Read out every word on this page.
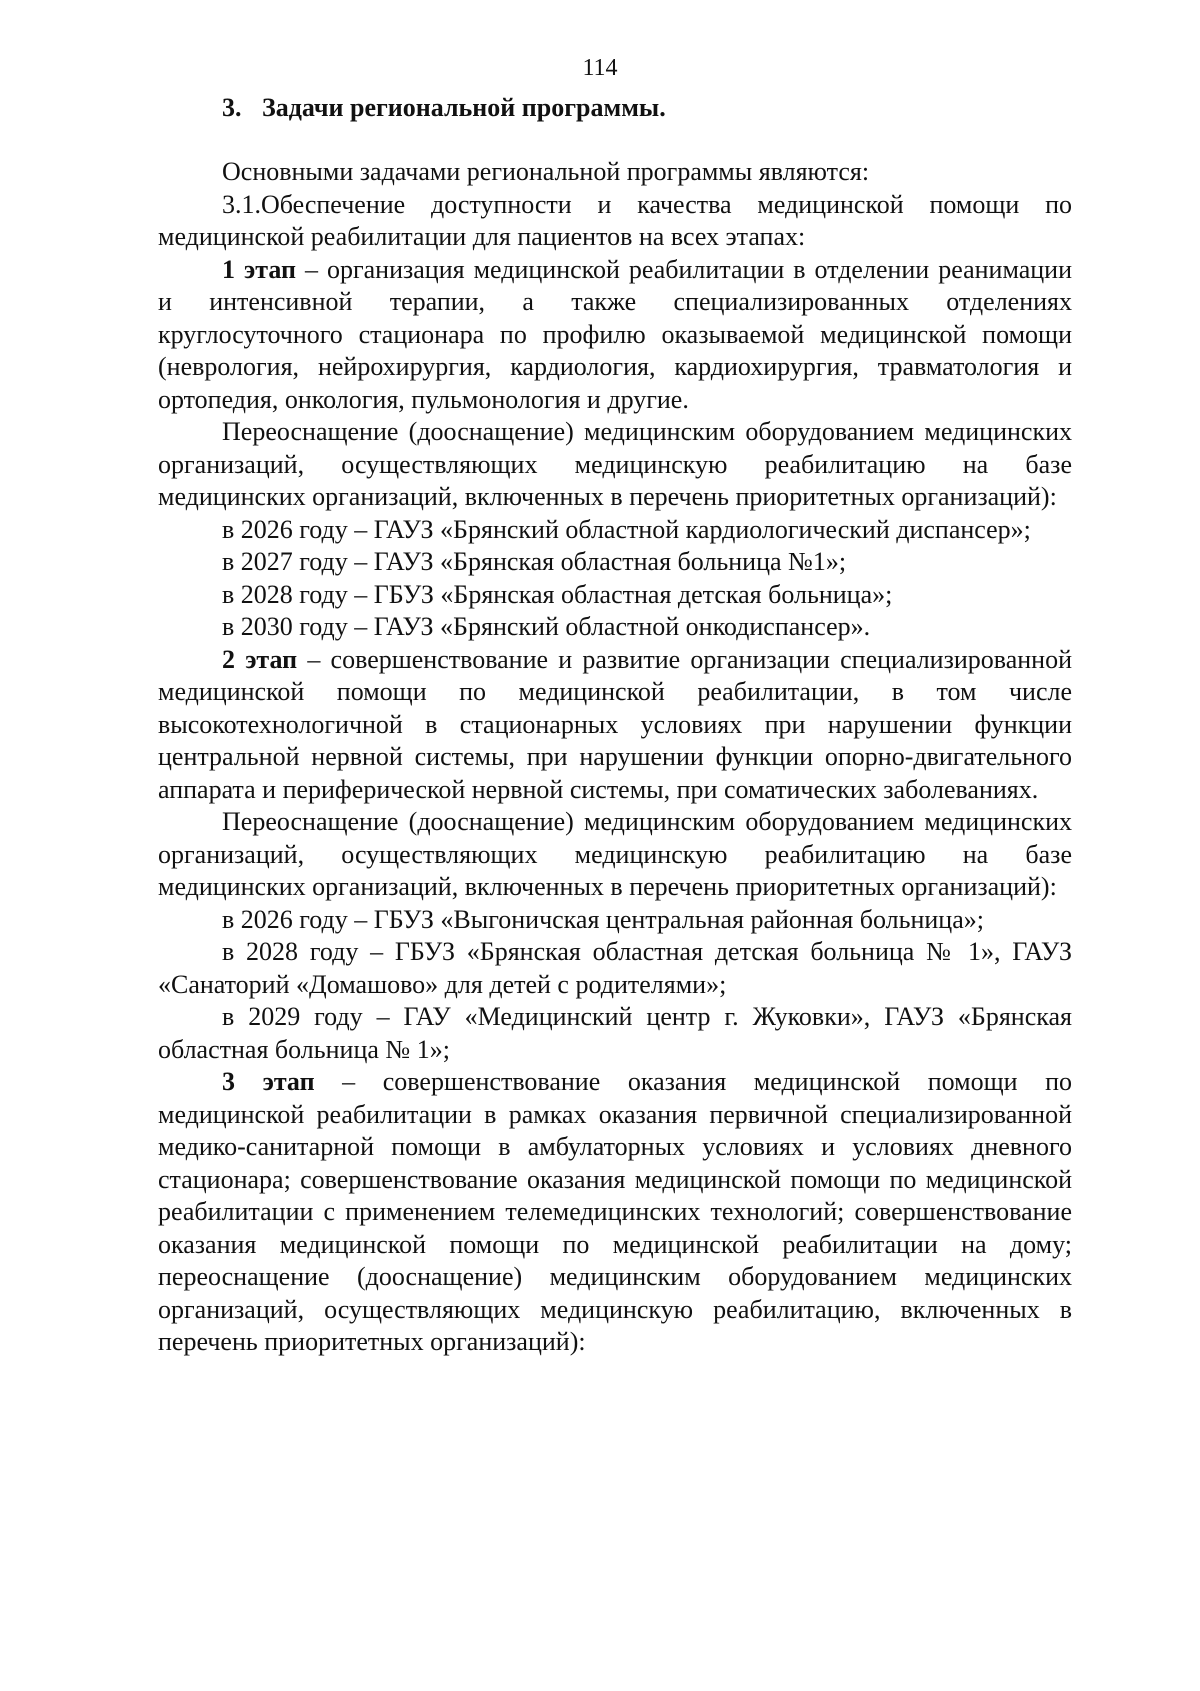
114
3. Задачи региональной программы.

Основными задачами региональной программы являются:

3.1.Обеспечение доступности и качества медицинской помощи по медицинской реабилитации для пациентов на всех этапах:

1 этап – организация медицинской реабилитации в отделении реанимации и интенсивной терапии, а также специализированных отделениях круглосуточного стационара по профилю оказываемой медицинской помощи (неврология, нейрохирургия, кардиология, кардиохирургия, травматология и ортопедия, онкология, пульмонология и другие.

Переоснащение (дооснащение) медицинским оборудованием медицинских организаций, осуществляющих медицинскую реабилитацию на базе медицинских организаций, включенных в перечень приоритетных организаций):

в 2026 году – ГАУЗ «Брянский областной кардиологический диспансер»;

в 2027 году – ГАУЗ «Брянская областная больница №1»;

в 2028 году – ГБУЗ «Брянская областная детская больница»;

в 2030 году – ГАУЗ «Брянский областной онкодиспансер».

2 этап – совершенствование и развитие организации специализированной медицинской помощи по медицинской реабилитации, в том числе высокотехнологичной в стационарных условиях при нарушении функции центральной нервной системы, при нарушении функции опорно-двигательного аппарата и периферической нервной системы, при соматических заболеваниях.

Переоснащение (дооснащение) медицинским оборудованием медицинских организаций, осуществляющих медицинскую реабилитацию на базе медицинских организаций, включенных в перечень приоритетных организаций):

в 2026 году – ГБУЗ «Выгоничская центральная районная больница»;

в 2028 году – ГБУЗ «Брянская областная детская больница № 1», ГАУЗ «Санаторий «Домашово» для детей с родителями»;

в 2029 году – ГАУ «Медицинский центр г. Жуковки», ГАУЗ «Брянская областная больница № 1»;

3 этап – совершенствование оказания медицинской помощи по медицинской реабилитации в рамках оказания первичной специализированной медико-санитарной помощи в амбулаторных условиях и условиях дневного стационара; совершенствование оказания медицинской помощи по медицинской реабилитации с применением телемедицинских технологий; совершенствование оказания медицинской помощи по медицинской реабилитации на дому; переоснащение (дооснащение) медицинским оборудованием медицинских организаций, осуществляющих медицинскую реабилитацию, включенных в перечень приоритетных организаций):
